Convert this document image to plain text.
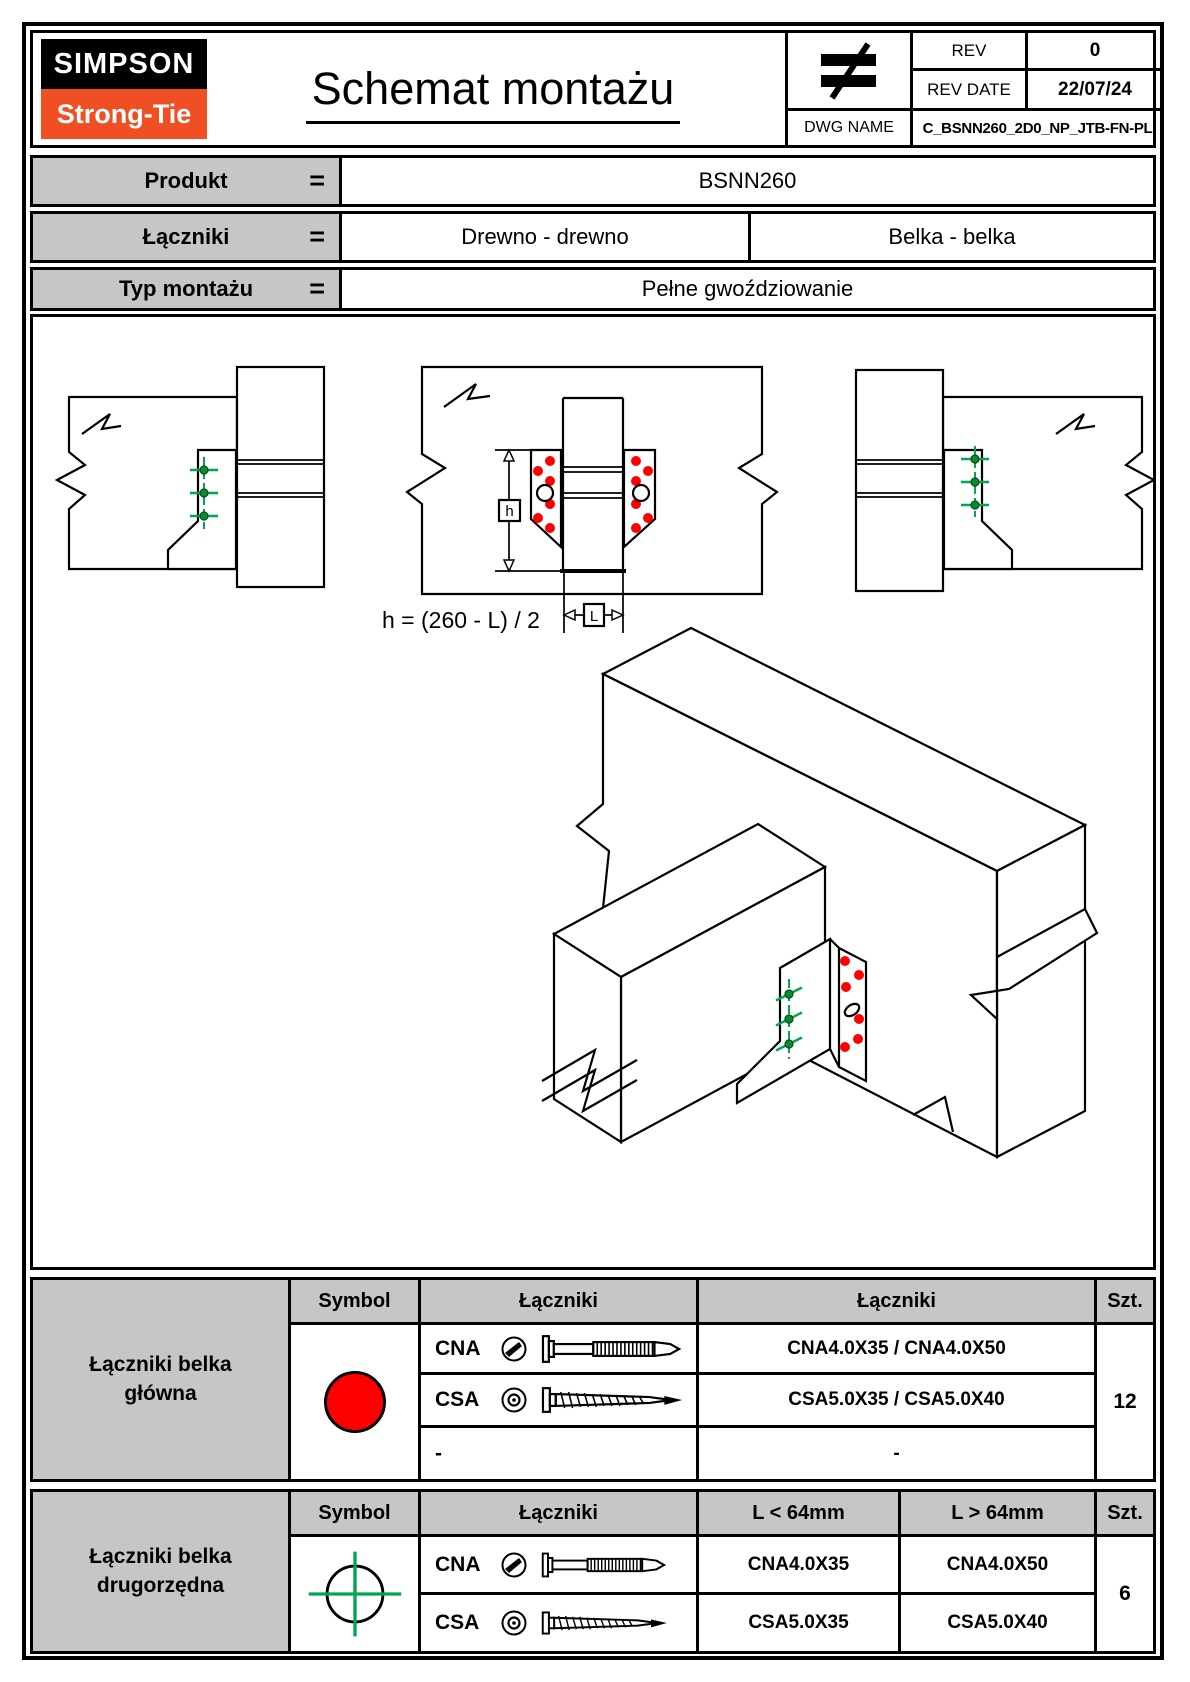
SIMPSON
Strong-Tie
®
Schemat montażu
REV	0
REV DATE	22/07/24
DWG NAME	C_BSNN260_2D0_NP_JTB-FN-PL
Produkt	=	BSNN260
Łączniki	=	Drewno - drewno	Belka - belka
Typ montażu =	Pełne gwoździowanie
h
L
h = (260 - L) / 2
Łączniki belka główna
Symbol	Łączniki	Łączniki	Szt.
CNA	CNA4.0X35 / CNA4.0X50
CSA	CSA5.0X35 / CSA5.0X40
-	-
12
Łączniki belka drugorzędna
Symbol	Łączniki	L < 64mm	L > 64mm	Szt.
CNA	CNA4.0X35	CNA4.0X50
CSA	CSA5.0X35	CSA5.0X40
6
